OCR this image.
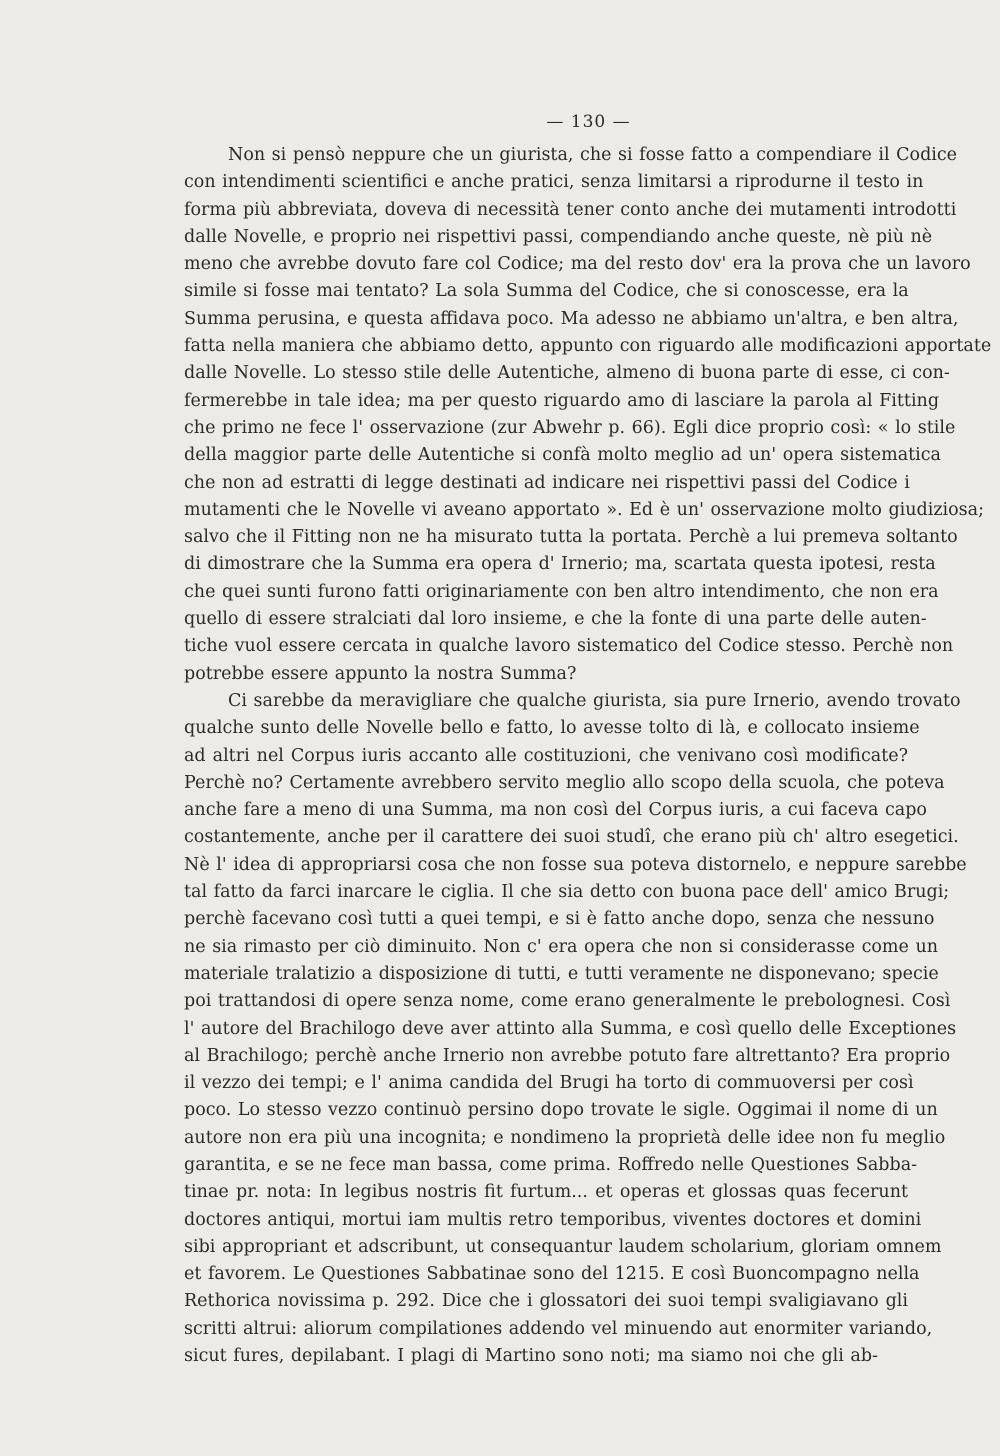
— 130 —
Non si pensò neppure che un giurista, che si fosse fatto a compendiare il Codice
con intendimenti scientifici e anche pratici, senza limitarsi a riprodurne il testo in
forma più abbreviata, doveva di necessità tener conto anche dei mutamenti introdotti
dalle Novelle, e proprio nei rispettivi passi, compendiando anche queste, nè più nè
meno che avrebbe dovuto fare col Codice; ma del resto dov' era la prova che un lavoro
simile si fosse mai tentato? La sola Summa del Codice, che si conoscesse, era la
Summa perusina, e questa affidava poco. Ma adesso ne abbiamo un'altra, e ben altra,
fatta nella maniera che abbiamo detto, appunto con riguardo alle modificazioni apportate
dalle Novelle. Lo stesso stile delle Autentiche, almeno di buona parte di esse, ci con-
fermerebbe in tale idea; ma per questo riguardo amo di lasciare la parola al Fitting
che primo ne fece l' osservazione (zur Abwehr p. 66). Egli dice proprio così: « lo stile
della maggior parte delle Autentiche si confà molto meglio ad un' opera sistematica
che non ad estratti di legge destinati ad indicare nei rispettivi passi del Codice i
mutamenti che le Novelle vi aveano apportato ». Ed è un' osservazione molto giudiziosa;
salvo che il Fitting non ne ha misurato tutta la portata. Perchè a lui premeva soltanto
di dimostrare che la Summa era opera d' Irnerio; ma, scartata questa ipotesi, resta
che quei sunti furono fatti originariamente con ben altro intendimento, che non era
quello di essere stralciati dal loro insieme, e che la fonte di una parte delle auten-
tiche vuol essere cercata in qualche lavoro sistematico del Codice stesso. Perchè non
potrebbe essere appunto la nostra Summa?
Ci sarebbe da meravigliare che qualche giurista, sia pure Irnerio, avendo trovato
qualche sunto delle Novelle bello e fatto, lo avesse tolto di là, e collocato insieme
ad altri nel Corpus iuris accanto alle costituzioni, che venivano così modificate?
Perchè no? Certamente avrebbero servito meglio allo scopo della scuola, che poteva
anche fare a meno di una Summa, ma non così del Corpus iuris, a cui faceva capo
costantemente, anche per il carattere dei suoi studî, che erano più ch' altro esegetici.
Nè l' idea di appropriarsi cosa che non fosse sua poteva distornelo, e neppure sarebbe
tal fatto da farci inarcare le ciglia. Il che sia detto con buona pace dell' amico Brugi;
perchè facevano così tutti a quei tempi, e si è fatto anche dopo, senza che nessuno
ne sia rimasto per ciò diminuito. Non c' era opera che non si considerasse come un
materiale tralatizio a disposizione di tutti, e tutti veramente ne disponevano; specie
poi trattandosi di opere senza nome, come erano generalmente le prebolognesi. Così
l' autore del Brachilogo deve aver attinto alla Summa, e così quello delle Exceptiones
al Brachilogo; perchè anche Irnerio non avrebbe potuto fare altrettanto? Era proprio
il vezzo dei tempi; e l' anima candida del Brugi ha torto di commuoversi per così
poco. Lo stesso vezzo continuò persino dopo trovate le sigle. Oggimai il nome di un
autore non era più una incognita; e nondimeno la proprietà delle idee non fu meglio
garantita, e se ne fece man bassa, come prima. Roffredo nelle Questiones Sabba-
tinae pr. nota: In legibus nostris fit furtum... et operas et glossas quas fecerunt
doctores antiqui, mortui iam multis retro temporibus, viventes doctores et domini
sibi appropriant et adscribunt, ut consequantur laudem scholarium, gloriam omnem
et favorem. Le Questiones Sabbatinae sono del 1215. E così Buoncompagno nella
Rethorica novissima p. 292. Dice che i glossatori dei suoi tempi svaligiavano gli
scritti altrui: aliorum compilationes addendo vel minuendo aut enormiter variando,
sicut fures, depilabant. I plagi di Martino sono noti; ma siamo noi che gli ab-
